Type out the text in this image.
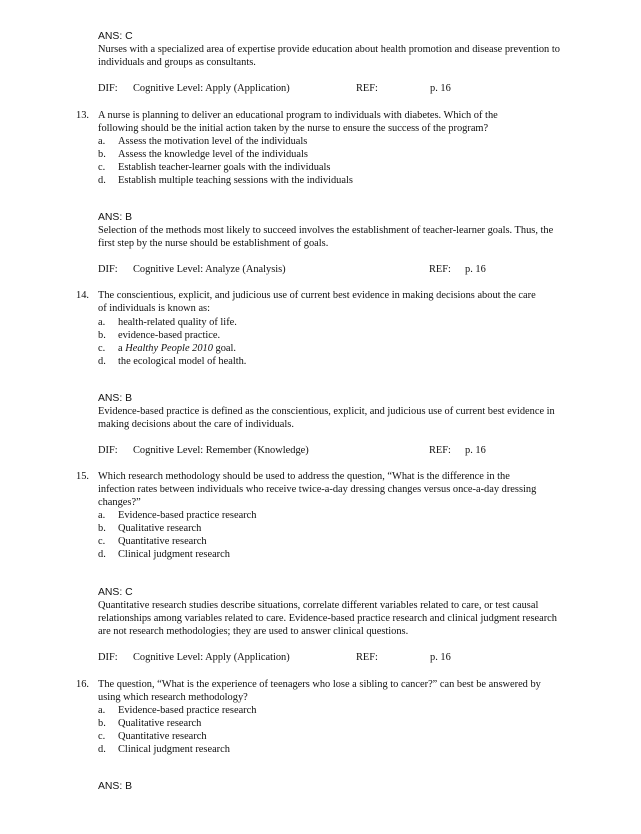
ANS: C
Nurses with a specialized area of expertise provide education about health promotion and disease prevention to
individuals and groups as consultants.
DIF: Cognitive Level: Apply (Application)	REF:	p. 16
13. A nurse is planning to deliver an educational program to individuals with diabetes. Which of the
following should be the initial action taken by the nurse to ensure the success of the program?
a. Assess the motivation level of the individuals
b. Assess the knowledge level of the individuals
c. Establish teacher-learner goals with the individuals
d. Establish multiple teaching sessions with the individuals
ANS: B
Selection of the methods most likely to succeed involves the establishment of teacher-learner goals. Thus, the
first step by the nurse should be establishment of goals.
DIF: Cognitive Level: Analyze (Analysis)	REF: p. 16
14. The conscientious, explicit, and judicious use of current best evidence in making decisions about the care
of individuals is known as:
a. health-related quality of life.
b. evidence-based practice.
c. a Healthy People 2010 goal.
d. the ecological model of health.
ANS: B
Evidence-based practice is defined as the conscientious, explicit, and judicious use of current best evidence in
making decisions about the care of individuals.
DIF: Cognitive Level: Remember (Knowledge)	REF: p. 16
15. Which research methodology should be used to address the question, “What is the difference in the
infection rates between individuals who receive twice-a-day dressing changes versus once-a-day dressing
changes?”
a. Evidence-based practice research
b. Qualitative research
c. Quantitative research
d. Clinical judgment research
ANS: C
Quantitative research studies describe situations, correlate different variables related to care, or test causal
relationships among variables related to care. Evidence-based practice research and clinical judgment research
are not research methodologies; they are used to answer clinical questions.
DIF: Cognitive Level: Apply (Application)	REF:	p. 16
16. The question, “What is the experience of teenagers who lose a sibling to cancer?” can best be answered by
using which research methodology?
a. Evidence-based practice research
b. Qualitative research
c. Quantitative research
d. Clinical judgment research
ANS: B
